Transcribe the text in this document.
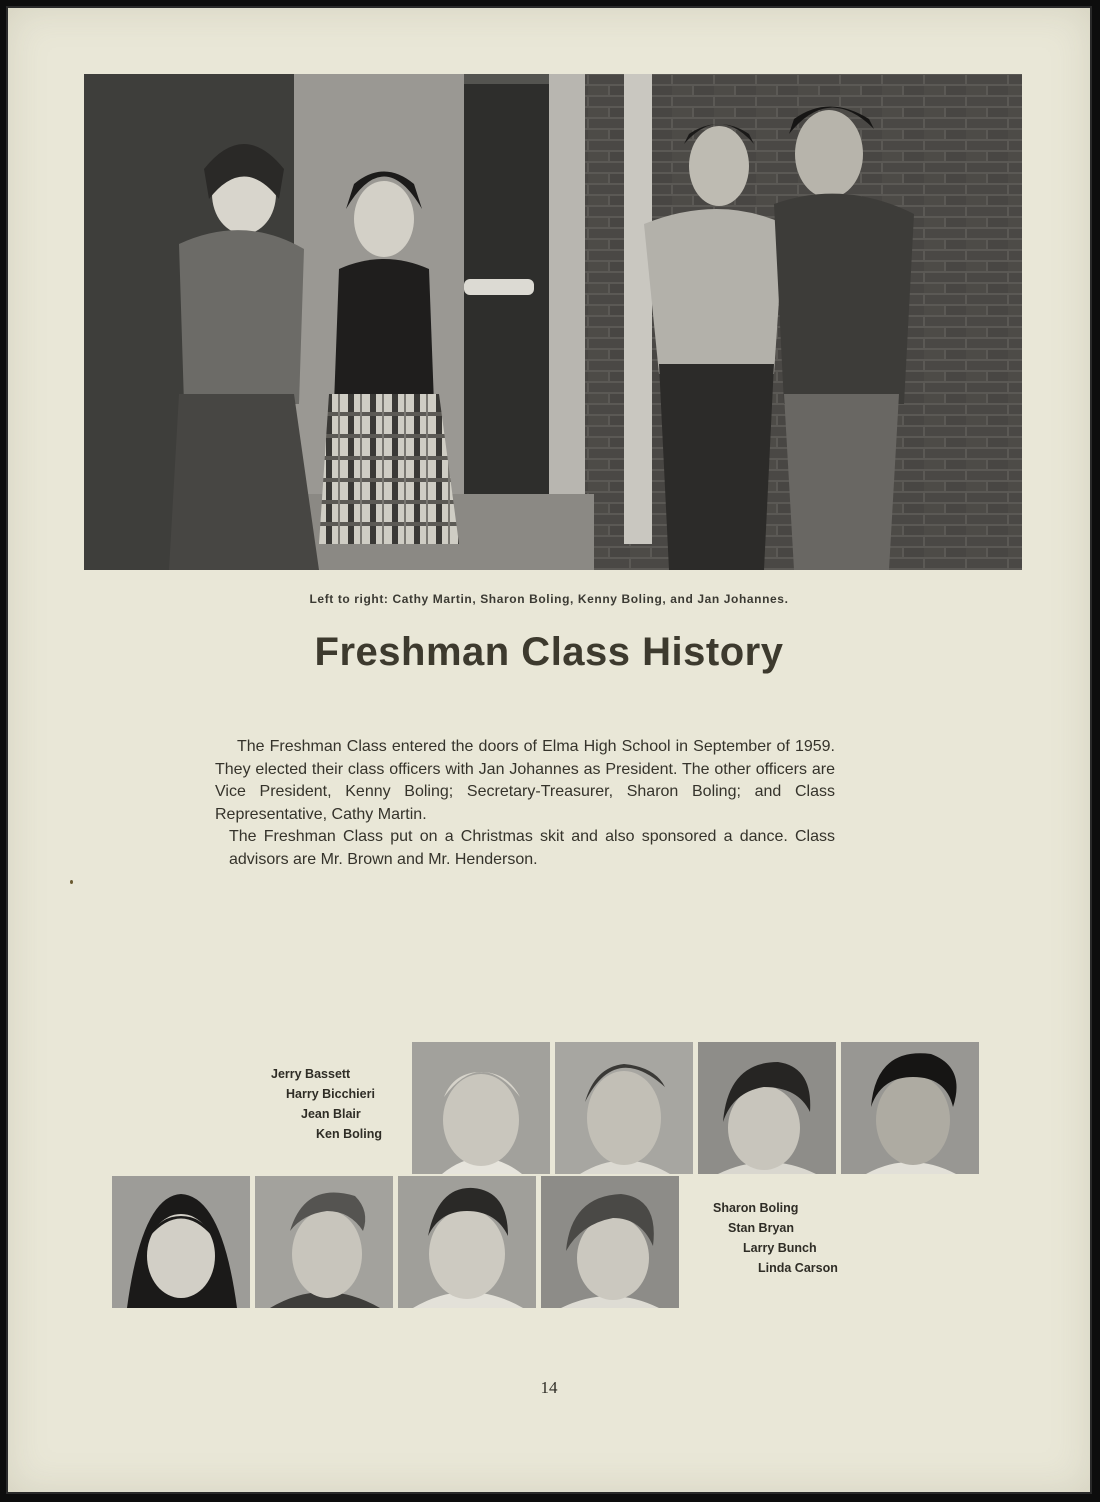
Left to right: Cathy Martin, Sharon Boling, Kenny Boling, and Jan Johannes.
Freshman Class History

The Freshman Class entered the doors of Elma High School in September of 1959. They elected their class officers with Jan Johannes as President. The other officers are Vice President, Kenny Boling; Secretary-Treasurer, Sharon Boling; and Class Representative, Cathy Martin.

The Freshman Class put on a Christmas skit and also sponsored a dance. Class advisors are Mr. Brown and Mr. Henderson.

Jerry Bassett
Harry Bicchieri
Jean Blair
Ken Boling
Sharon Boling
Stan Bryan
Larry Bunch
Linda Carson
14
